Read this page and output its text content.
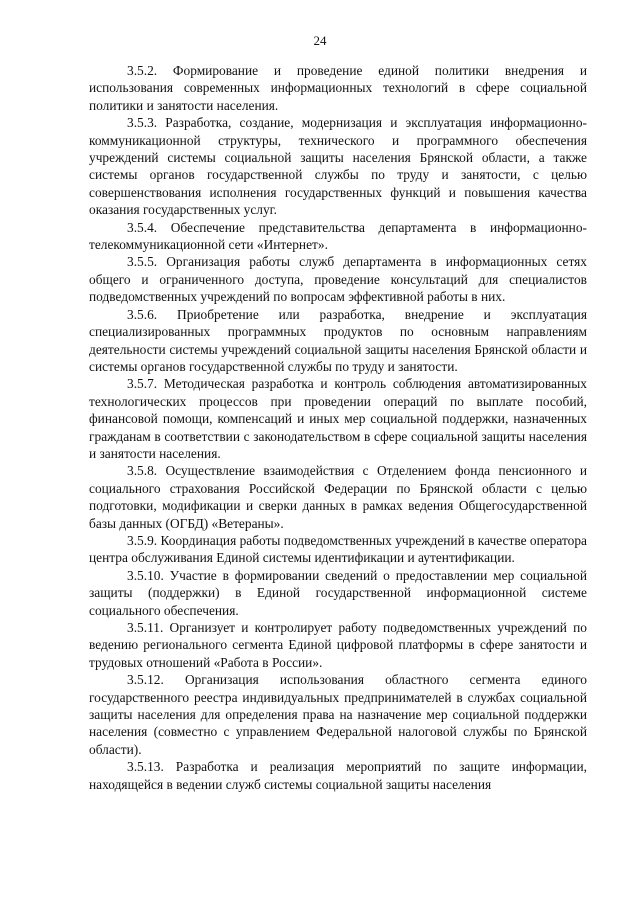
24

3.5.2. Формирование и проведение единой политики внедрения и использования современных информационных технологий в сфере социальной политики и занятости населения.

3.5.3. Разработка, создание, модернизация и эксплуатация информационно-коммуникационной структуры, технического и программного обеспечения учреждений системы социальной защиты населения Брянской области, а также системы органов государственной службы по труду и занятости, с целью совершенствования исполнения государственных функций и повышения качества оказания государственных услуг.

3.5.4. Обеспечение представительства департамента в информационно-телекоммуникационной сети «Интернет».

3.5.5. Организация работы служб департамента в информационных сетях общего и ограниченного доступа, проведение консультаций для специалистов подведомственных учреждений по вопросам эффективной работы в них.

3.5.6. Приобретение или разработка, внедрение и эксплуатация специализированных программных продуктов по основным направлениям деятельности системы учреждений социальной защиты населения Брянской области и системы органов государственной службы по труду и занятости.

3.5.7. Методическая разработка и контроль соблюдения автоматизированных технологических процессов при проведении операций по выплате пособий, финансовой помощи, компенсаций и иных мер социальной поддержки, назначенных гражданам в соответствии с законодательством в сфере социальной защиты населения и занятости населения.

3.5.8. Осуществление взаимодействия с Отделением фонда пенсионного и социального страхования Российской Федерации по Брянской области с целью подготовки, модификации и сверки данных в рамках ведения Общегосударственной базы данных (ОГБД) «Ветераны».

3.5.9. Координация работы подведомственных учреждений в качестве оператора центра обслуживания Единой системы идентификации и аутентификации.

3.5.10. Участие в формировании сведений о предоставлении мер социальной защиты (поддержки) в Единой государственной информационной системе социального обеспечения.

3.5.11. Организует и контролирует работу подведомственных учреждений по ведению регионального сегмента Единой цифровой платформы в сфере занятости и трудовых отношений «Работа в России».

3.5.12. Организация использования областного сегмента единого государственного реестра индивидуальных предпринимателей в службах социальной защиты населения для определения права на назначение мер социальной поддержки населения (совместно с управлением Федеральной налоговой службы по Брянской области).

3.5.13. Разработка и реализация мероприятий по защите информации, находящейся в ведении служб системы социальной защиты населения
